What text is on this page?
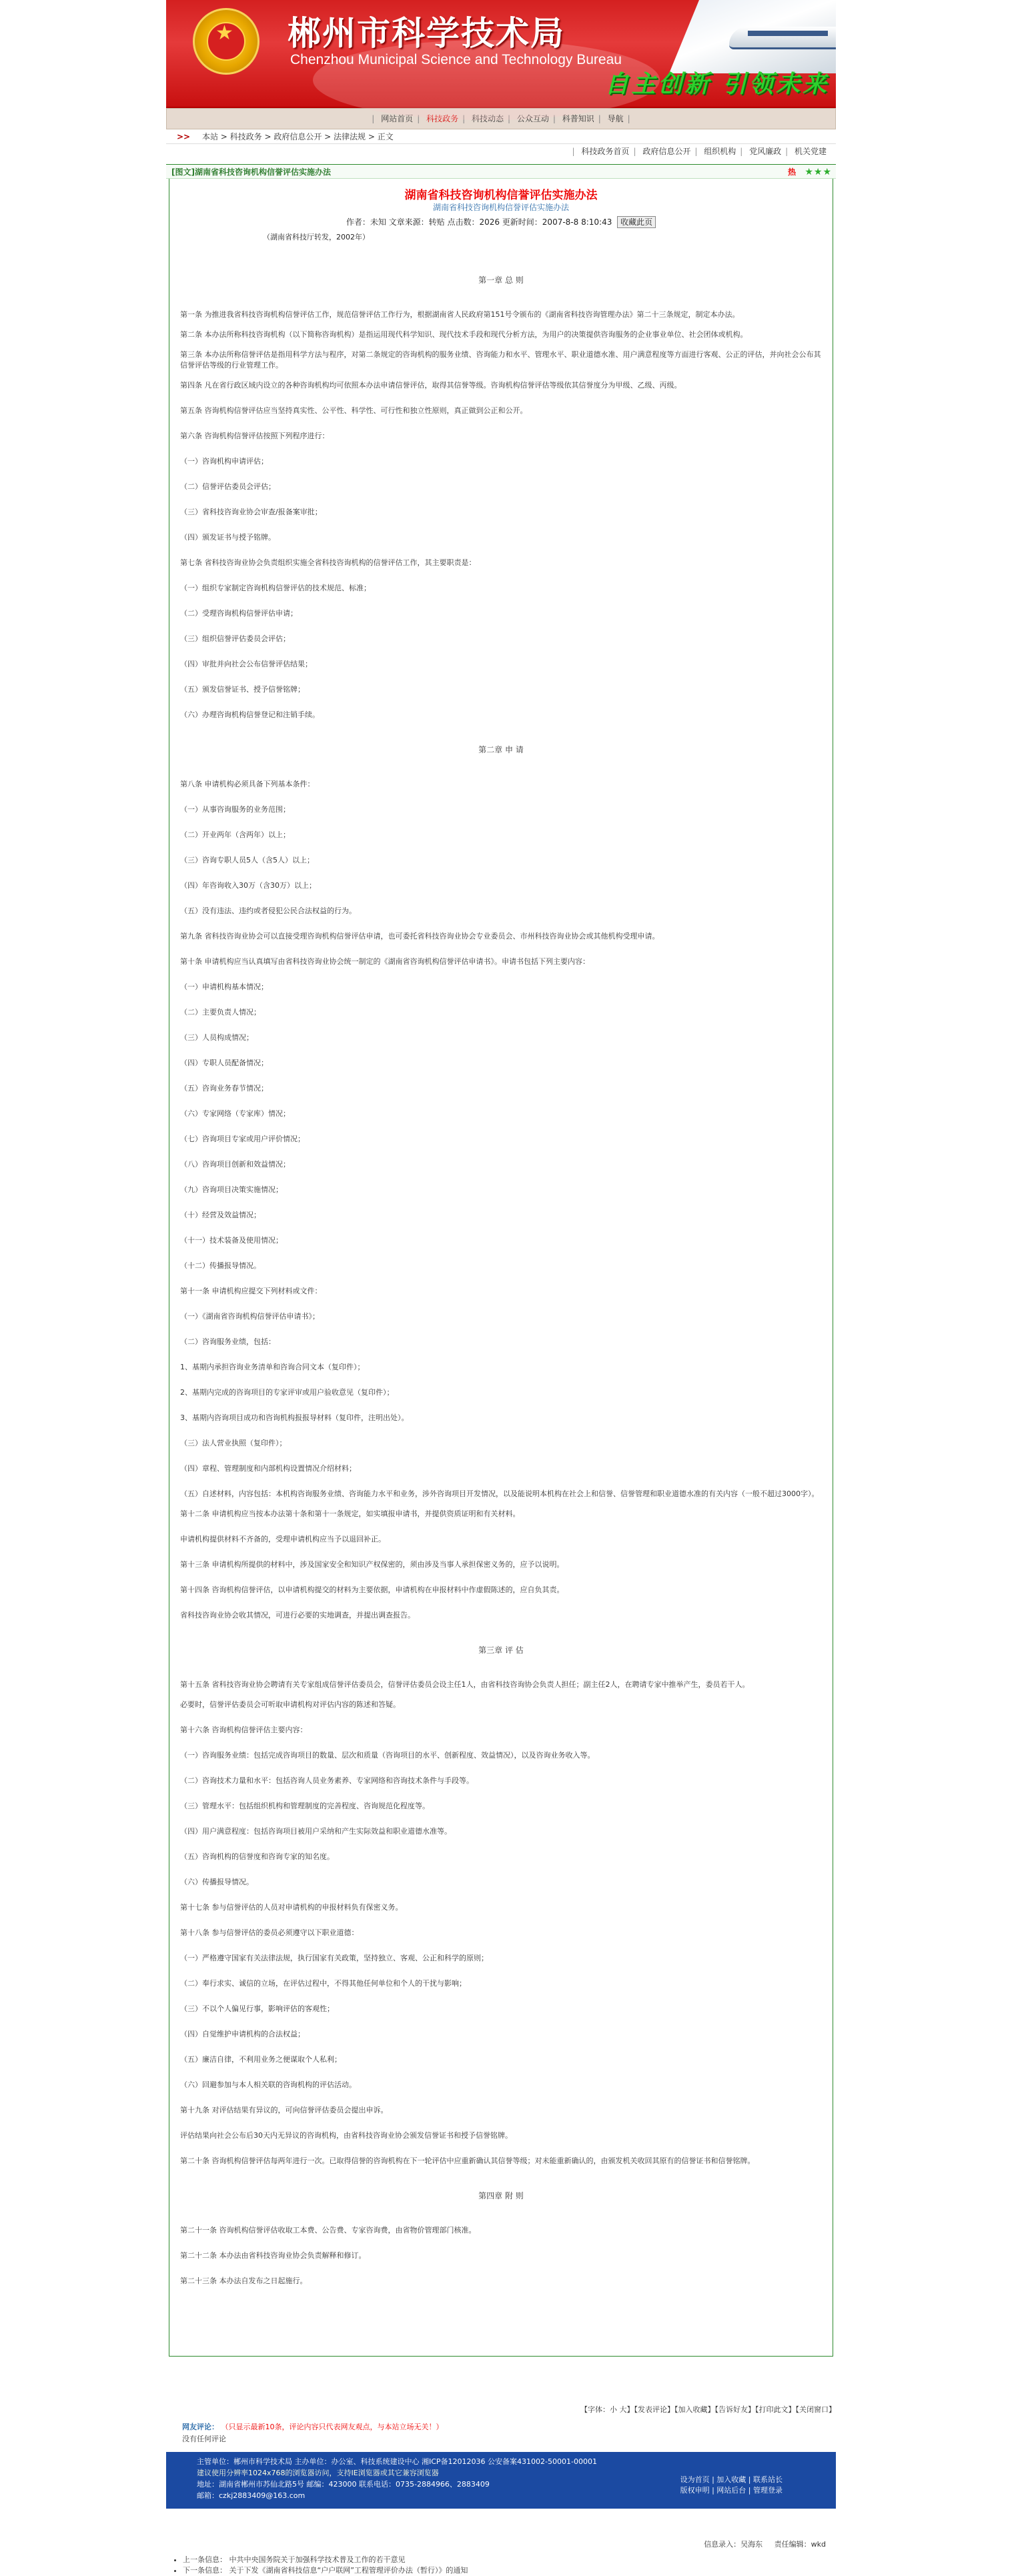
★ 郴州市科学技术局
Chenzhou Municipal Science and Technology Bureau
自主创新 引领未来
| 网站首页 | 科技政务 | 科技动态 | 公众互动 | 科普知识 | 导航 |
>> 本站 > 科技政务 > 政府信息公开 > 法律法规 > 正文
| 科技政务首页 | 政府信息公开 | 组织机构 | 党风廉政 | 机关党建
[图文]湖南省科技咨询机构信誉评估实施办法	热 ★★★
湖南省科技咨询机构信誉评估实施办法
湖南省科技咨询机构信誉评估实施办法
作者：未知 文章来源：转贴 点击数：2026 更新时间：2007-8-8 8:10:43 收藏此页
（湖南省科技厅转发，2002年）

第一章 总 则

第一条 为推进我省科技咨询机构信誉评估工作，规范信誉评估工作行为，根据湖南省人民政府第151号令颁布的《湖南省科技咨询管理办法》第二十三条规定，制定本办法。

第二条 本办法所称科技咨询机构（以下简称咨询机构）是指运用现代科学知识、现代技术手段和现代分析方法，为用户的决策提供咨询服务的企业事业单位、社会团体或机构。

第三条 本办法所称信誉评估是指用科学方法与程序，对第二条规定的咨询机构的服务业绩、咨询能力和水平、管理水平、职业道德水准、用户满意程度等方面进行客观、公正的评估，并向社会公布其信誉评估等级的行业管理工作。

第四条 凡在省行政区域内设立的各种咨询机构均可依照本办法申请信誉评估，取得其信誉等级。咨询机构信誉评估等级依其信誉度分为甲级、乙级、丙级。

第五条 咨询机构信誉评估应当坚持真实性、公平性、科学性、可行性和独立性原则，真正做到公正和公开。

第六条 咨询机构信誉评估按照下列程序进行：

（一）咨询机构申请评估；

（二）信誉评估委员会评估；

（三）省科技咨询业协会审查/报备案审批；

（四）颁发证书与授予铭牌。

第七条 省科技咨询业协会负责组织实施全省科技咨询机构的信誉评估工作，其主要职责是：

（一）组织专家制定咨询机构信誉评估的技术规范、标准；

（二）受理咨询机构信誉评估申请；

（三）组织信誉评估委员会评估；

（四）审批并向社会公布信誉评估结果；

（五）颁发信誉证书、授予信誉铭牌；

（六）办理咨询机构信誉登记和注销手续。

第二章 申 请

第八条 申请机构必须具备下列基本条件：

（一）从事咨询服务的业务范围；

（二）开业两年（含两年）以上；

（三）咨询专职人员5人（含5人）以上；

（四）年咨询收入30万（含30万）以上；

（五）没有违法、违约或者侵犯公民合法权益的行为。

第九条 省科技咨询业协会可以直接受理咨询机构信誉评估申请，也可委托省科技咨询业协会专业委员会、市州科技咨询业协会或其他机构受理申请。

第十条 申请机构应当认真填写由省科技咨询业协会统一制定的《湖南省咨询机构信誉评估申请书》。申请书包括下列主要内容：

（一）申请机构基本情况；

（二）主要负责人情况；

（三）人员构成情况；

（四）专职人员配备情况；

（五）咨询业务春节情况；

（六）专家网络（专家库）情况；

（七）咨询项目专家或用户评价情况；

（八）咨询项目创新和效益情况；

（九）咨询项目决策实施情况；

（十）经营及效益情况；

（十一）技术装备及使用情况；

（十二）传播报导情况。

第十一条 申请机构应提交下列材料或文件：

（一）《湖南省咨询机构信誉评估申请书》；

（二）咨询服务业绩，包括：

1、基期内承担咨询业务清单和咨询合同文本（复印件）；

2、基期内完成的咨询项目的专家评审或用户验收意见（复印件）；

3、基期内咨询项目成功和咨询机构报报导材料（复印件，注明出处）。

（三）法人营业执照（复印件）；

（四）章程、管理制度和内部机构设置情况介绍材料；

（五）自述材料，内容包括：本机构咨询服务业绩、咨询能力水平和业务，涉外咨询项目开发情况，以及能说明本机构在社会上和信誉、信誉管理和职业道德水准的有关内容（一般不超过3000字）。

第十二条 申请机构应当按本办法第十条和第十一条规定，如实填报申请书，并提供资质证明和有关材料。

申请机构提供材料不齐备的，受理申请机构应当予以退回补正。

第十三条 申请机构所提供的材料中，涉及国家安全和知识产权保密的，须由涉及当事人承担保密义务的，应予以说明。

第十四条 咨询机构信誉评估，以申请机构提交的材料为主要依据，申请机构在申报材料中作虚假陈述的，应自负其责。

省科技咨询业协会收其情况，可进行必要的实地调查，并提出调查报告。

第三章 评 估

第十五条 省科技咨询业协会聘请有关专家组成信誉评估委员会，信誉评估委员会设主任1人，由省科技咨询协会负责人担任；副主任2人，在聘请专家中推举产生，委员若干人。

必要时，信誉评估委员会可听取申请机构对评估内容的陈述和答疑。

第十六条 咨询机构信誉评估主要内容：

（一）咨询服务业绩：包括完成咨询项目的数量、层次和质量（咨询项目的水平、创新程度、效益情况），以及咨询业务收入等。

（二）咨询技术力量和水平：包括咨询人员业务素养、专家网络和咨询技术条件与手段等。

（三）管理水平：包括组织机构和管理制度的完善程度、咨询规范化程度等。

（四）用户满意程度：包括咨询项目被用户采纳和产生实际效益和职业道德水准等。

（五）咨询机构的信誉度和咨询专家的知名度。

（六）传播报导情况。

第十七条 参与信誉评估的人员对申请机构的申报材料负有保密义务。

第十八条 参与信誉评估的委员必须遵守以下职业道德：

（一）严格遵守国家有关法律法规，执行国家有关政策，坚持独立、客观、公正和科学的原则；

（二）奉行求实、诚信的立场，在评估过程中，不得其他任何单位和个人的干扰与影响；

（三）不以个人偏见行事，影响评估的客观性；

（四）自觉维护申请机构的合法权益；

（五）廉洁自律，不利用业务之便谋取个人私利；

（六）回避参加与本人相关联的咨询机构的评估活动。

第十九条 对评估结果有异议的，可向信誉评估委员会提出申诉。

评估结果向社会公布后30天内无异议的咨询机构，由省科技咨询业协会颁发信誉证书和授予信誉铭牌。

第二十条 咨询机构信誉评估每两年进行一次。已取得信誉的咨询机构在下一轮评估中应重新确认其信誉等级；对未能重新确认的，由颁发机关收回其原有的信誉证书和信誉铭牌。

第四章 附 则

第二十一条 咨询机构信誉评估收取工本费、公告费、专家咨询费，由省物价管理部门核准。

第二十二条 本办法由省科技咨询业协会负责解释和修订。

第二十三条 本办法自发布之日起施行。

信息录入：吴海东 责任编辑：wkd
• 上一条信息： 中共中央国务院关于加强科学技术普及工作的若干意见
• 下一条信息： 关于下发《湖南省科技信息“户户联网”工程管理评价办法（暂行）》的通知
【字体：小 大】【发表评论】【加入收藏】【告诉好友】【打印此文】【关闭窗口】
网友评论： （只显示最新10条，评论内容只代表网友观点，与本站立场无关！）
没有任何评论
主管单位：郴州市科学技术局 主办单位：办公室、科技系统建设中心 湘ICP备12012036 公安备案431002-50001-00001
建议使用分辨率1024x768的浏览器访问，支持IE浏览器或其它兼容浏览器
地址：湖南省郴州市苏仙北路5号 邮编：423000 联系电话：0735-2884966、2883409
邮箱：czkj2883409@163.com
设为首页 | 加入收藏 | 联系站长
版权申明 | 网站后台 | 管理登录
